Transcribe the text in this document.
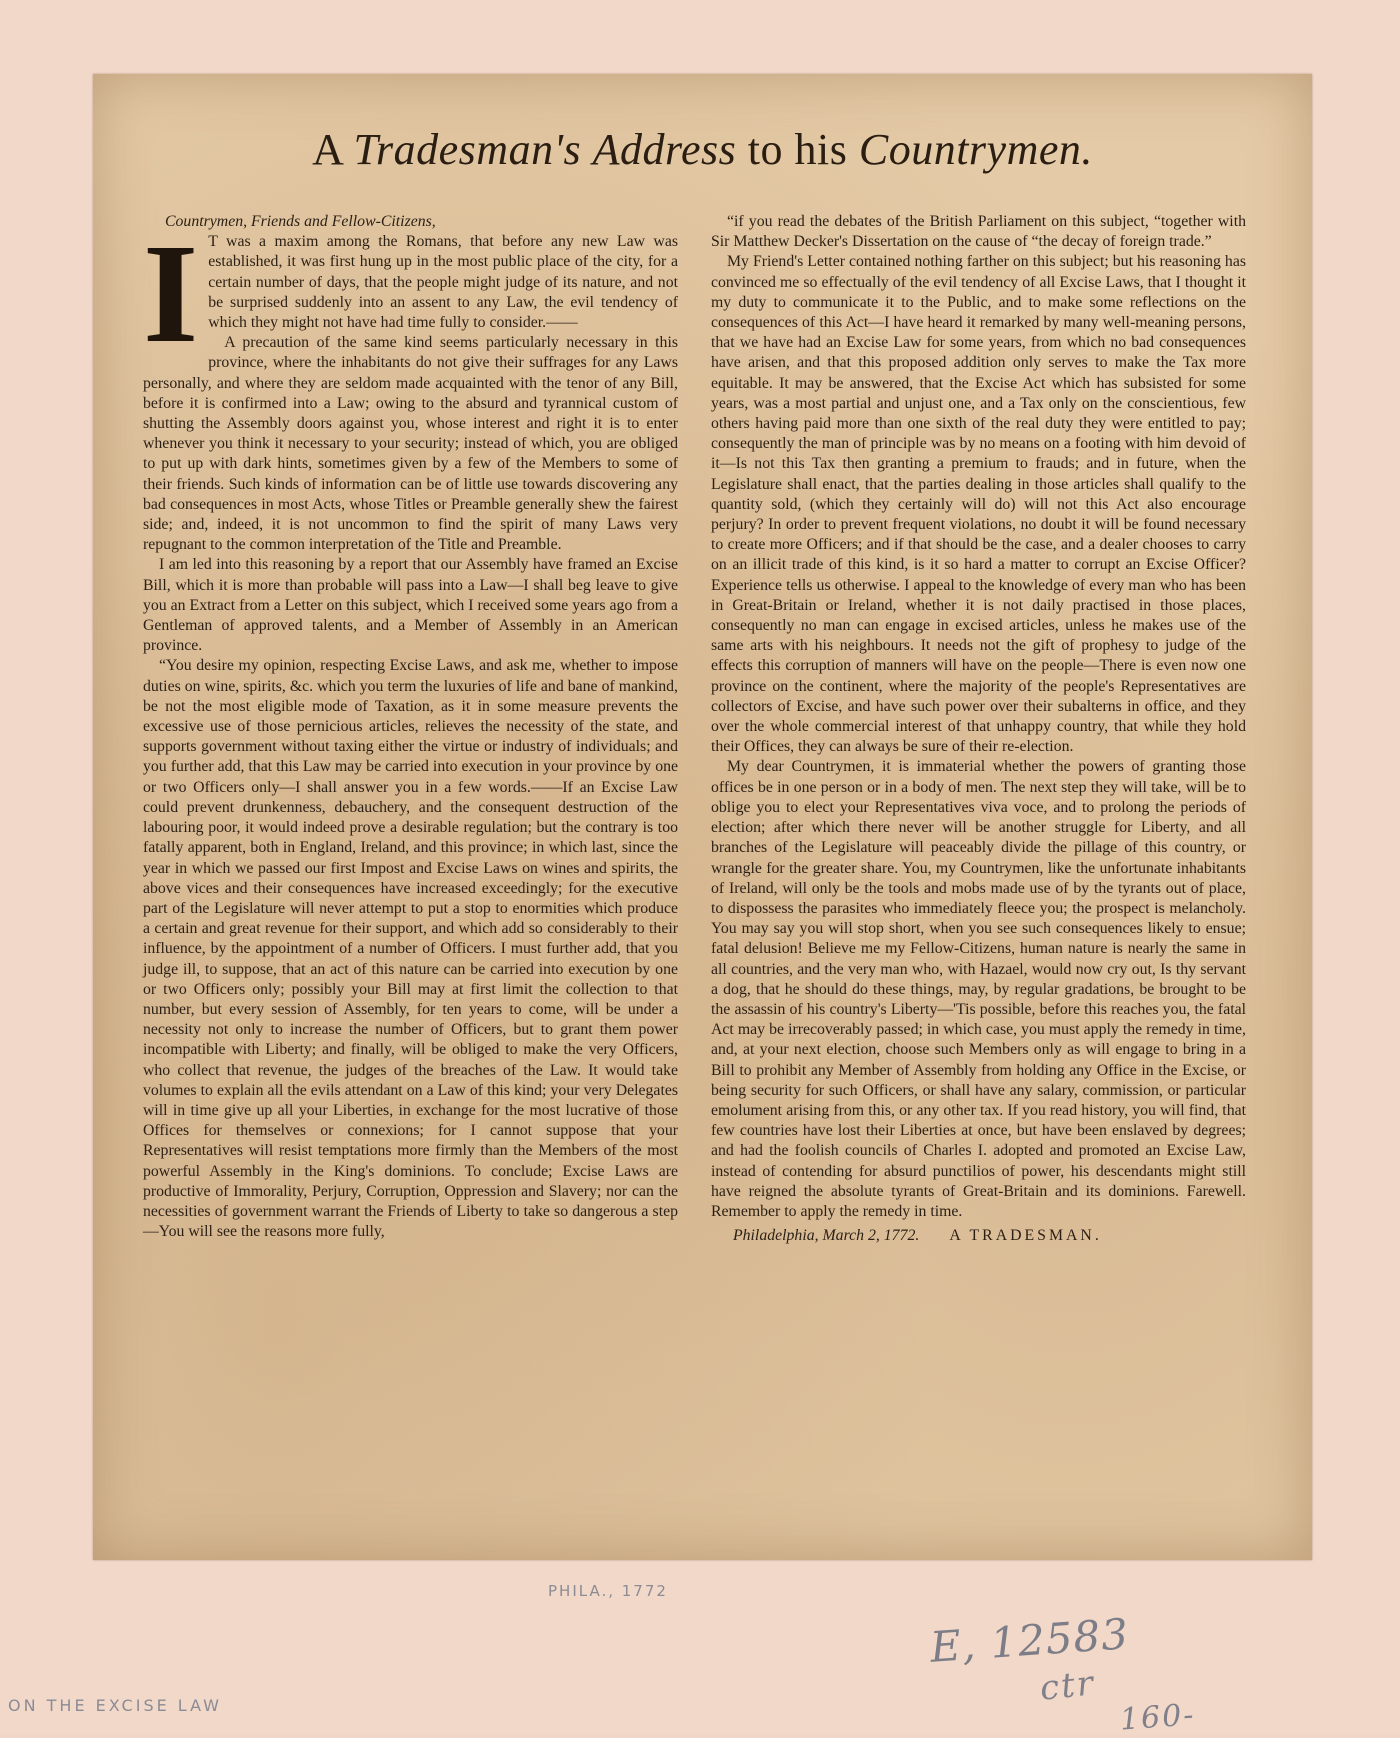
A Tradesman's Address to his Countrymen.

Countrymen, Friends and Fellow-Citizens,

I T was a maxim among the Romans, that before any new Law was established, it was first hung up in the most public place of the city, for a certain number of days, that the people might judge of its nature, and not be surprised suddenly into an assent to any Law, the evil tendency of which they might not have had time fully to consider.——

A precaution of the same kind seems particularly necessary in this province, where the inhabitants do not give their suffrages for any Laws personally, and where they are seldom made acquainted with the tenor of any Bill, before it is confirmed into a Law; owing to the absurd and tyrannical custom of shutting the Assembly doors against you, whose interest and right it is to enter whenever you think it necessary to your security; instead of which, you are obliged to put up with dark hints, sometimes given by a few of the Members to some of their friends. Such kinds of information can be of little use towards discovering any bad consequences in most Acts, whose Titles or Preamble generally shew the fairest side; and, indeed, it is not uncommon to find the spirit of many Laws very repugnant to the common interpretation of the Title and Preamble.

I am led into this reasoning by a report that our Assembly have framed an Excise Bill, which it is more than probable will pass into a Law—I shall beg leave to give you an Extract from a Letter on this subject, which I received some years ago from a Gentleman of approved talents, and a Member of Assembly in an American province.

“You desire my opinion, respecting Excise Laws, and ask me, whether to impose duties on wine, spirits, &c. which you term the luxuries of life and bane of mankind, be not the most eligible mode of Taxation, as it in some measure prevents the excessive use of those pernicious articles, relieves the necessity of the state, and supports government without taxing either the virtue or industry of individuals; and you further add, that this Law may be carried into execution in your province by one or two Officers only—I shall answer you in a few words.——If an Excise Law could prevent drunkenness, debauchery, and the consequent destruction of the labouring poor, it would indeed prove a desirable regulation; but the contrary is too fatally apparent, both in England, Ireland, and this province; in which last, since the year in which we passed our first Impost and Excise Laws on wines and spirits, the above vices and their consequences have increased exceedingly; for the executive part of the Legislature will never attempt to put a stop to enormities which produce a certain and great revenue for their support, and which add so considerably to their influence, by the appointment of a number of Officers. I must further add, that you judge ill, to suppose, that an act of this nature can be carried into execution by one or two Officers only; possibly your Bill may at first limit the collection to that number, but every session of Assembly, for ten years to come, will be under a necessity not only to increase the number of Officers, but to grant them power incompatible with Liberty; and finally, will be obliged to make the very Officers, who collect that revenue, the judges of the breaches of the Law. It would take volumes to explain all the evils attendant on a Law of this kind; your very Delegates will in time give up all your Liberties, in exchange for the most lucrative of those Offices for themselves or connexions; for I cannot suppose that your Representatives will resist temptations more firmly than the Members of the most powerful Assembly in the King's dominions. To conclude; Excise Laws are productive of Immorality, Perjury, Corruption, Oppression and Slavery; nor can the necessities of government warrant the Friends of Liberty to take so dangerous a step—You will see the reasons more fully,

“if you read the debates of the British Parliament on this subject, “together with Sir Matthew Decker's Dissertation on the cause of “the decay of foreign trade.”

My Friend's Letter contained nothing farther on this subject; but his reasoning has convinced me so effectually of the evil tendency of all Excise Laws, that I thought it my duty to communicate it to the Public, and to make some reflections on the consequences of this Act—I have heard it remarked by many well-meaning persons, that we have had an Excise Law for some years, from which no bad consequences have arisen, and that this proposed addition only serves to make the Tax more equitable. It may be answered, that the Excise Act which has subsisted for some years, was a most partial and unjust one, and a Tax only on the conscientious, few others having paid more than one sixth of the real duty they were entitled to pay; consequently the man of principle was by no means on a footing with him devoid of it—Is not this Tax then granting a premium to frauds; and in future, when the Legislature shall enact, that the parties dealing in those articles shall qualify to the quantity sold, (which they certainly will do) will not this Act also encourage perjury? In order to prevent frequent violations, no doubt it will be found necessary to create more Officers; and if that should be the case, and a dealer chooses to carry on an illicit trade of this kind, is it so hard a matter to corrupt an Excise Officer? Experience tells us otherwise. I appeal to the knowledge of every man who has been in Great-Britain or Ireland, whether it is not daily practised in those places, consequently no man can engage in excised articles, unless he makes use of the same arts with his neighbours. It needs not the gift of prophesy to judge of the effects this corruption of manners will have on the people—There is even now one province on the continent, where the majority of the people's Representatives are collectors of Excise, and have such power over their subalterns in office, and they over the whole commercial interest of that unhappy country, that while they hold their Offices, they can always be sure of their re-election.

My dear Countrymen, it is immaterial whether the powers of granting those offices be in one person or in a body of men. The next step they will take, will be to oblige you to elect your Representatives viva voce, and to prolong the periods of election; after which there never will be another struggle for Liberty, and all branches of the Legislature will peaceably divide the pillage of this country, or wrangle for the greater share. You, my Countrymen, like the unfortunate inhabitants of Ireland, will only be the tools and mobs made use of by the tyrants out of place, to dispossess the parasites who immediately fleece you; the prospect is melancholy. You may say you will stop short, when you see such consequences likely to ensue; fatal delusion! Believe me my Fellow-Citizens, human nature is nearly the same in all countries, and the very man who, with Hazael, would now cry out, Is thy servant a dog, that he should do these things, may, by regular gradations, be brought to be the assassin of his country's Liberty—'Tis possible, before this reaches you, the fatal Act may be irrecoverably passed; in which case, you must apply the remedy in time, and, at your next election, choose such Members only as will engage to bring in a Bill to prohibit any Member of Assembly from holding any Office in the Excise, or being security for such Officers, or shall have any salary, commission, or particular emolument arising from this, or any other tax. If you read history, you will find, that few countries have lost their Liberties at once, but have been enslaved by degrees; and had the foolish councils of Charles I. adopted and promoted an Excise Law, instead of contending for absurd punctilios of power, his descendants might still have reigned the absolute tyrants of Great-Britain and its dominions. Farewell. Remember to apply the remedy in time.

Philadelphia, March 2, 1772. A TRADESMAN.

PHILA., 1772
ON THE EXCISE LAW
E, 12583
ctr
160-
